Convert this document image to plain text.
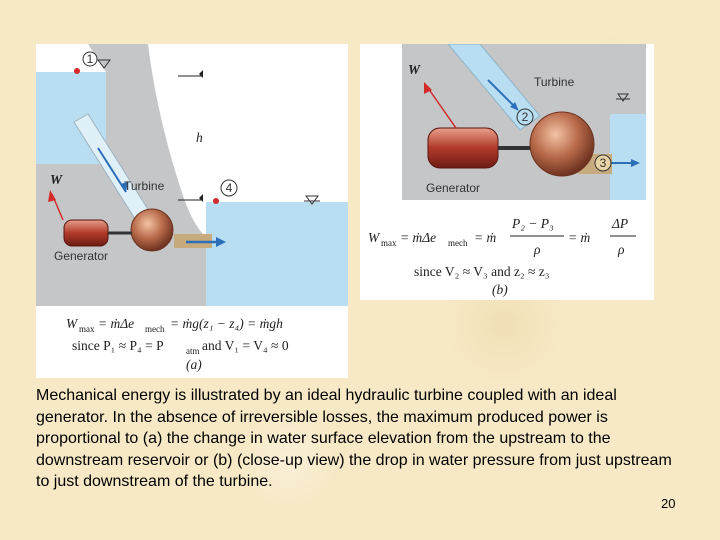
1
4
h
W	Turbine
Generator
W max = ṁΔe mech = ṁg(z₁ − z₄) = ṁgh
since P₁ ≈ P₄ = P atm and V₁ = V₄ ≈ 0
(a)
2
3
W
Turbine
Generator
W max = ṁΔe mech = ṁ
P₂ − P₃
ρ
= ṁ
ΔP
ρ
since V₂ ≈ V₃ and z₂ ≈ z₃
(b)
Mechanical energy is illustrated by an ideal hydraulic turbine coupled with an ideal generator. In the absence of irreversible losses, the maximum produced power is proportional to (a) the change in water surface elevation from the upstream to the downstream reservoir or (b) (close-up view) the drop in water pressure from just upstream to just downstream of the turbine.
20
